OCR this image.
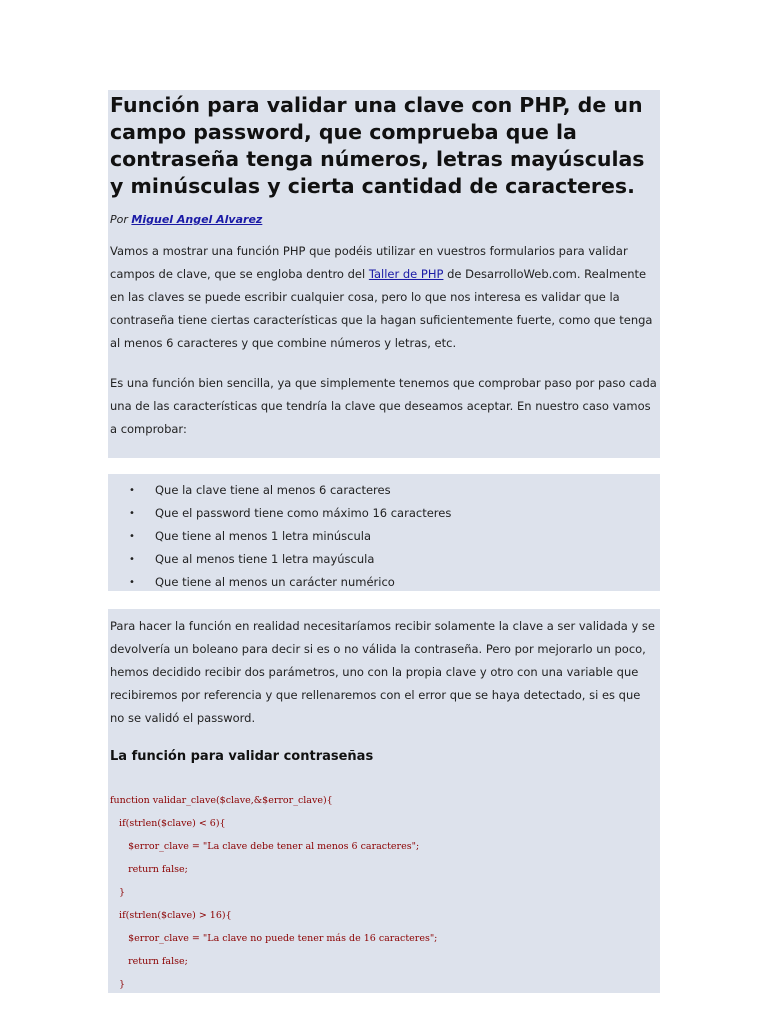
Función para validar una clave con PHP, de un campo password, que comprueba que la contraseña tenga números, letras mayúsculas y minúsculas y cierta cantidad de caracteres.
Por Miguel Angel Alvarez

Vamos a mostrar una función PHP que podéis utilizar en vuestros formularios para validar campos de clave, que se engloba dentro del Taller de PHP de DesarrolloWeb.com. Realmente en las claves se puede escribir cualquier cosa, pero lo que nos interesa es validar que la contraseña tiene ciertas características que la hagan suficientemente fuerte, como que tenga al menos 6 caracteres y que combine números y letras, etc.

Es una función bien sencilla, ya que simplemente tenemos que comprobar paso por paso cada una de las características que tendría la clave que deseamos aceptar. En nuestro caso vamos a comprobar:

• Que la clave tiene al menos 6 caracteres
• Que el password tiene como máximo 16 caracteres
• Que tiene al menos 1 letra minúscula
• Que al menos tiene 1 letra mayúscula
• Que tiene al menos un carácter numérico

Para hacer la función en realidad necesitaríamos recibir solamente la clave a ser validada y se devolvería un boleano para decir si es o no válida la contraseña. Pero por mejorarlo un poco, hemos decidido recibir dos parámetros, uno con la propia clave y otro con una variable que recibiremos por referencia y que rellenaremos con el error que se haya detectado, si es que no se validó el password.

La función para validar contraseñas
function validar_clave($clave,&$error_clave){
if(strlen($clave) < 6){
$error_clave = "La clave debe tener al menos 6 caracteres";
return false;
}
if(strlen($clave) > 16){
$error_clave = "La clave no puede tener más de 16 caracteres";
return false;
}
